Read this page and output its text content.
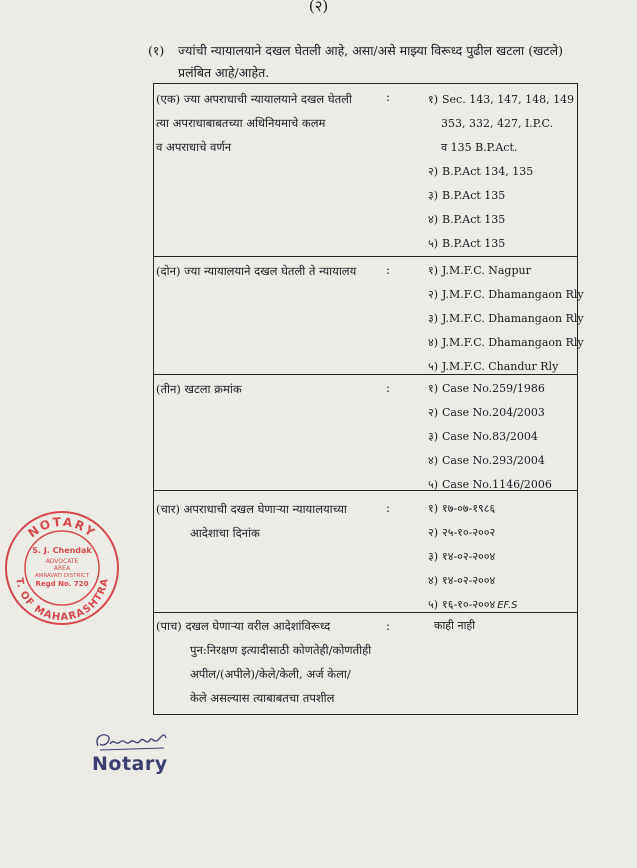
(२)
(१) ज्यांची न्यायालयाने दखल घेतली आहे, असा/असे माझ्या विरूध्द पुढील खटला (खटले)
प्रलंबित आहे/आहेत.
(एक) ज्या अपराधाची न्यायालयाने दखल घेतली
त्या अपराधाबाबतच्या अधिनियमाचे कलम
व अपराधाचे वर्णन
:	१) Sec. 143, 147, 148, 149
353, 332, 427, I.P.C.
व 135 B.P.Act.
२) B.P.Act 134, 135
३) B.P.Act 135
४) B.P.Act 135
५) B.P.Act 135
(दोन) ज्या न्यायालयाने दखल घेतली ते न्यायालय :	१) J.M.F.C. Nagpur
२) J.M.F.C. Dhamangaon Rly
३) J.M.F.C. Dhamangaon Rly
४) J.M.F.C. Dhamangaon Rly
५) J.M.F.C. Chandur Rly
(तीन) खटला क्रमांक	:	१) Case No.259/1986
२) Case No.204/2003
३) Case No.83/2004
४) Case No.293/2004
५) Case No.1146/2006
(चार) अपराधाची दखल घेणाऱ्या न्यायालयाच्या
आदेशाचा दिनांक
:	१) १७-०७-१९८६
२) २५-१०-२००२
३) १४-०२-२००४
४) १४-०२-२००४
५) १६-१०-२००४ EF.S
(पाच) दखल घेणाऱ्या वरील आदेशांविरूध्द
पुन:निरक्षण इत्यादीसाठी कोणतेही/कोणतीही
अपील/(अपीले)/केले/केली, अर्ज केला/
केले असल्यास त्याबाबतचा तपशील
:	काही नाही
NOTARY
T. OF MAHARASHTRA
S. J. Chendak
ADVOCATE
AREA
AMRAVATI DISTRICT
Regd No. 720
Notary
